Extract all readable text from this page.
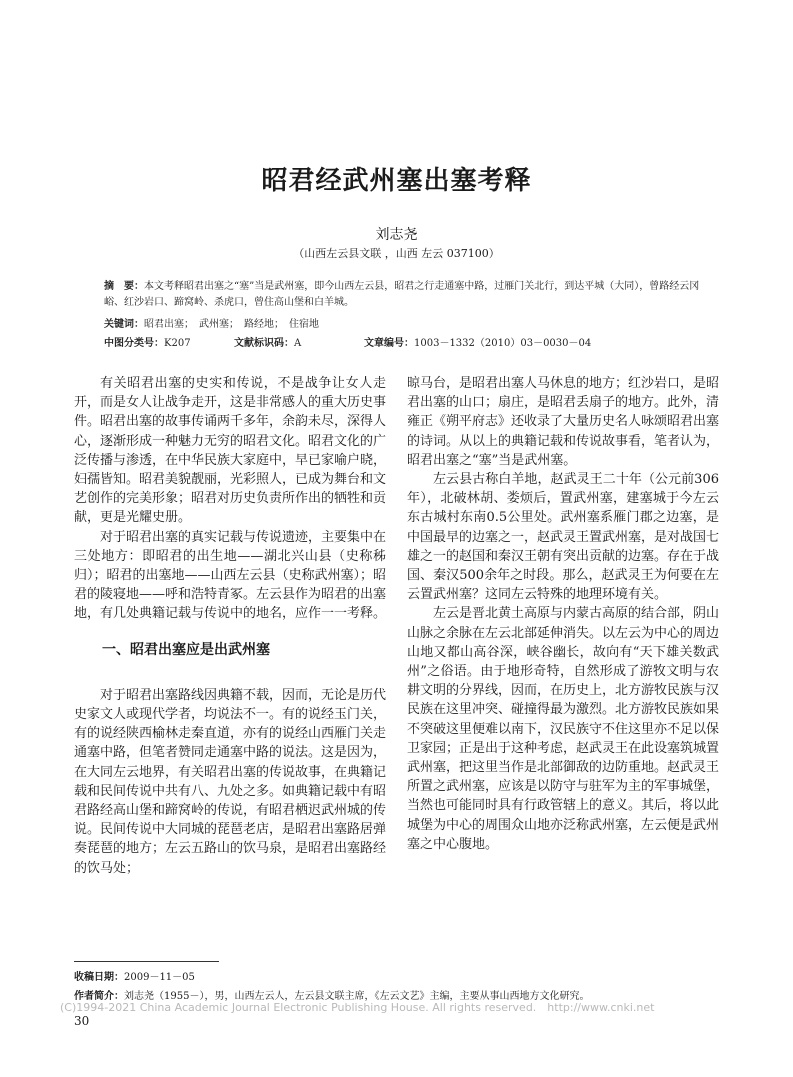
昭君经武州塞出塞考释
刘志尧
（山西左云县文联 ，山西 左云 037100）
摘　要：本文考释昭君出塞之“塞”当是武州塞，即今山西左云县，昭君之行走通塞中路，过雁门关北行，到达平城（大同），曾路经云冈峪、红沙岩口、蹄窝岭、杀虎口，曾住高山堡和白羊城。
关键词：昭君出塞；　武州塞；　路经地；　住宿地
中图分类号：K207	文献标识码：A	文章编号：1003－1332（2010）03－0030－04

有关昭君出塞的史实和传说，不是战争让女人走开，而是女人让战争走开，这是非常感人的重大历史事件。昭君出塞的故事传诵两千多年，余韵未尽，深得人心，逐渐形成一种魅力无穷的昭君文化。昭君文化的广泛传播与渗透，在中华民族大家庭中，早已家喻户晓，妇孺皆知。昭君美貌靓丽，光彩照人，已成为舞台和文艺创作的完美形象；昭君对历史负责所作出的牺牲和贡献，更是光耀史册。

对于昭君出塞的真实记载与传说遗迹，主要集中在三处地方：即昭君的出生地——湖北兴山县（史称秭归）；昭君的出塞地——山西左云县（史称武州塞）；昭君的陵寝地——呼和浩特青冢。左云县作为昭君的出塞地，有几处典籍记载与传说中的地名，应作一一考释。

一、昭君出塞应是出武州塞

对于昭君出塞路线因典籍不载，因而，无论是历代史家文人或现代学者，均说法不一。有的说经玉门关，有的说经陕西榆林走秦直道，亦有的说经山西雁门关走通塞中路，但笔者赞同走通塞中路的说法。这是因为，在大同左云地界，有关昭君出塞的传说故事，在典籍记载和民间传说中共有八、九处之多。如典籍记载中有昭君路经高山堡和蹄窝岭的传说，有昭君栖迟武州城的传说。民间传说中大同城的琵琶老店，是昭君出塞路居弹奏琵琶的地方；左云五路山的饮马泉，是昭君出塞路经的饮马处；

晾马台，是昭君出塞人马休息的地方；红沙岩口，是昭君出塞的山口；扇庄，是昭君丢扇子的地方。此外，清雍正《朔平府志》还收录了大量历史名人咏颂昭君出塞的诗词。从以上的典籍记载和传说故事看，笔者认为，昭君出塞之“塞”当是武州塞。

左云县古称白羊地，赵武灵王二十年（公元前306年），北破林胡、娄烦后，置武州塞，建塞城于今左云东古城村东南0.5公里处。武州塞系雁门郡之边塞，是中国最早的边塞之一，赵武灵王置武州塞，是对战国七雄之一的赵国和秦汉王朝有突出贡献的边塞。存在于战国、秦汉500余年之时段。那么，赵武灵王为何要在左云置武州塞？这同左云特殊的地理环境有关。

左云是晋北黄土高原与内蒙古高原的结合部，阴山山脉之余脉在左云北部延伸消失。以左云为中心的周边山地又都山高谷深，峡谷幽长，故向有“天下雄关数武州”之俗语。由于地形奇特，自然形成了游牧文明与农耕文明的分界线，因而，在历史上，北方游牧民族与汉民族在这里冲突、碰撞得最为激烈。北方游牧民族如果不突破这里便难以南下，汉民族守不住这里亦不足以保卫家园；正是出于这种考虑，赵武灵王在此设塞筑城置武州塞，把这里当作是北部御敌的边防重地。赵武灵王所置之武州塞，应该是以防守与驻军为主的军事城堡，当然也可能同时具有行政管辖上的意义。其后，将以此城堡为中心的周围众山地亦泛称武州塞，左云便是武州塞之中心腹地。

收稿日期：2009－11－05
作者简介：刘志尧（1955－），男，山西左云人，左云县文联主席，《左云文艺》主编，主要从事山西地方文化研究。
(C)1994-2021 China Academic Journal Electronic Publishing House. All rights reserved.　http://www.cnki.net
30
